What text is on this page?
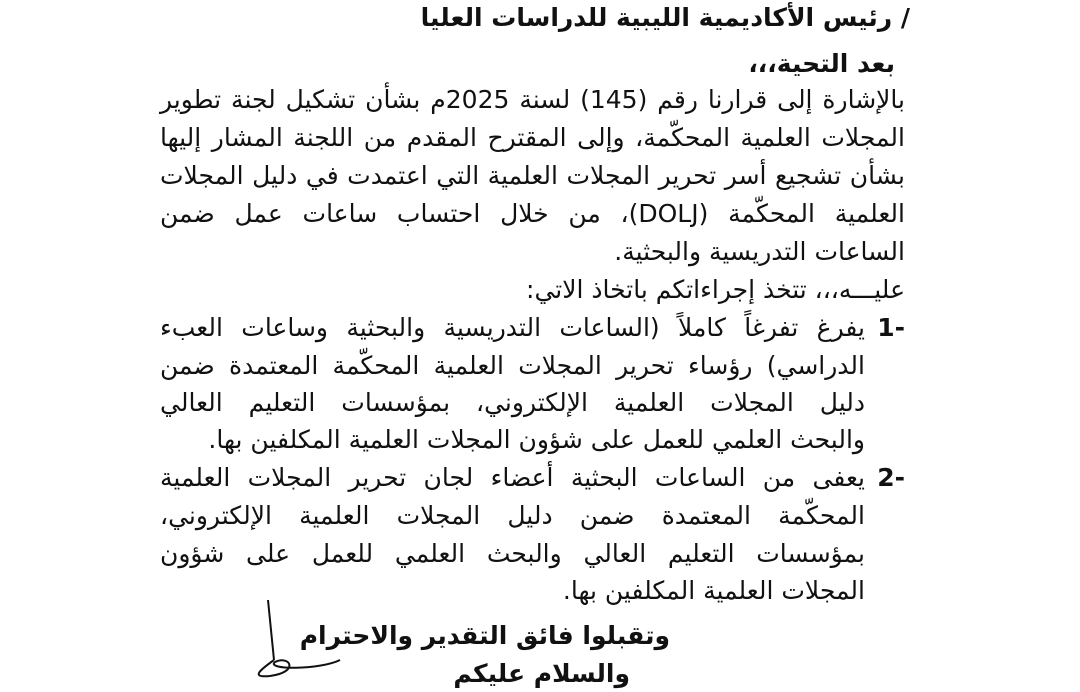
/ رئيس الأكاديمية الليبية للدراسات العليا
بعد التحية،،،
بالإشارة إلى قرارنا رقم (145) لسنة 2025م بشأن تشكيل لجنة تطوير
المجلات العلمية المحكّمة، وإلى المقترح المقدم من اللجنة المشار إليها
بشأن تشجيع أسر تحرير المجلات العلمية التي اعتمدت في دليل المجلات
العلمية المحكّمة (DOLJ)، من خلال احتساب ساعات عمل ضمن
الساعات التدريسية والبحثية.
عليـــه،،، تتخذ إجراءاتكم باتخاذ الاتي:
-1
يفرغ تفرغاً كاملاً (الساعات التدريسية والبحثية وساعات العبء
الدراسي) رؤساء تحرير المجلات العلمية المحكّمة المعتمدة ضمن
دليل المجلات العلمية الإلكتروني، بمؤسسات التعليم العالي
والبحث العلمي للعمل على شؤون المجلات العلمية المكلفين بها.
-2
يعفى من الساعات البحثية أعضاء لجان تحرير المجلات العلمية
المحكّمة المعتمدة ضمن دليل المجلات العلمية الإلكتروني،
بمؤسسات التعليم العالي والبحث العلمي للعمل على شؤون
المجلات العلمية المكلفين بها.
وتقبلوا فائق التقدير والاحترام
والسلام عليكم
